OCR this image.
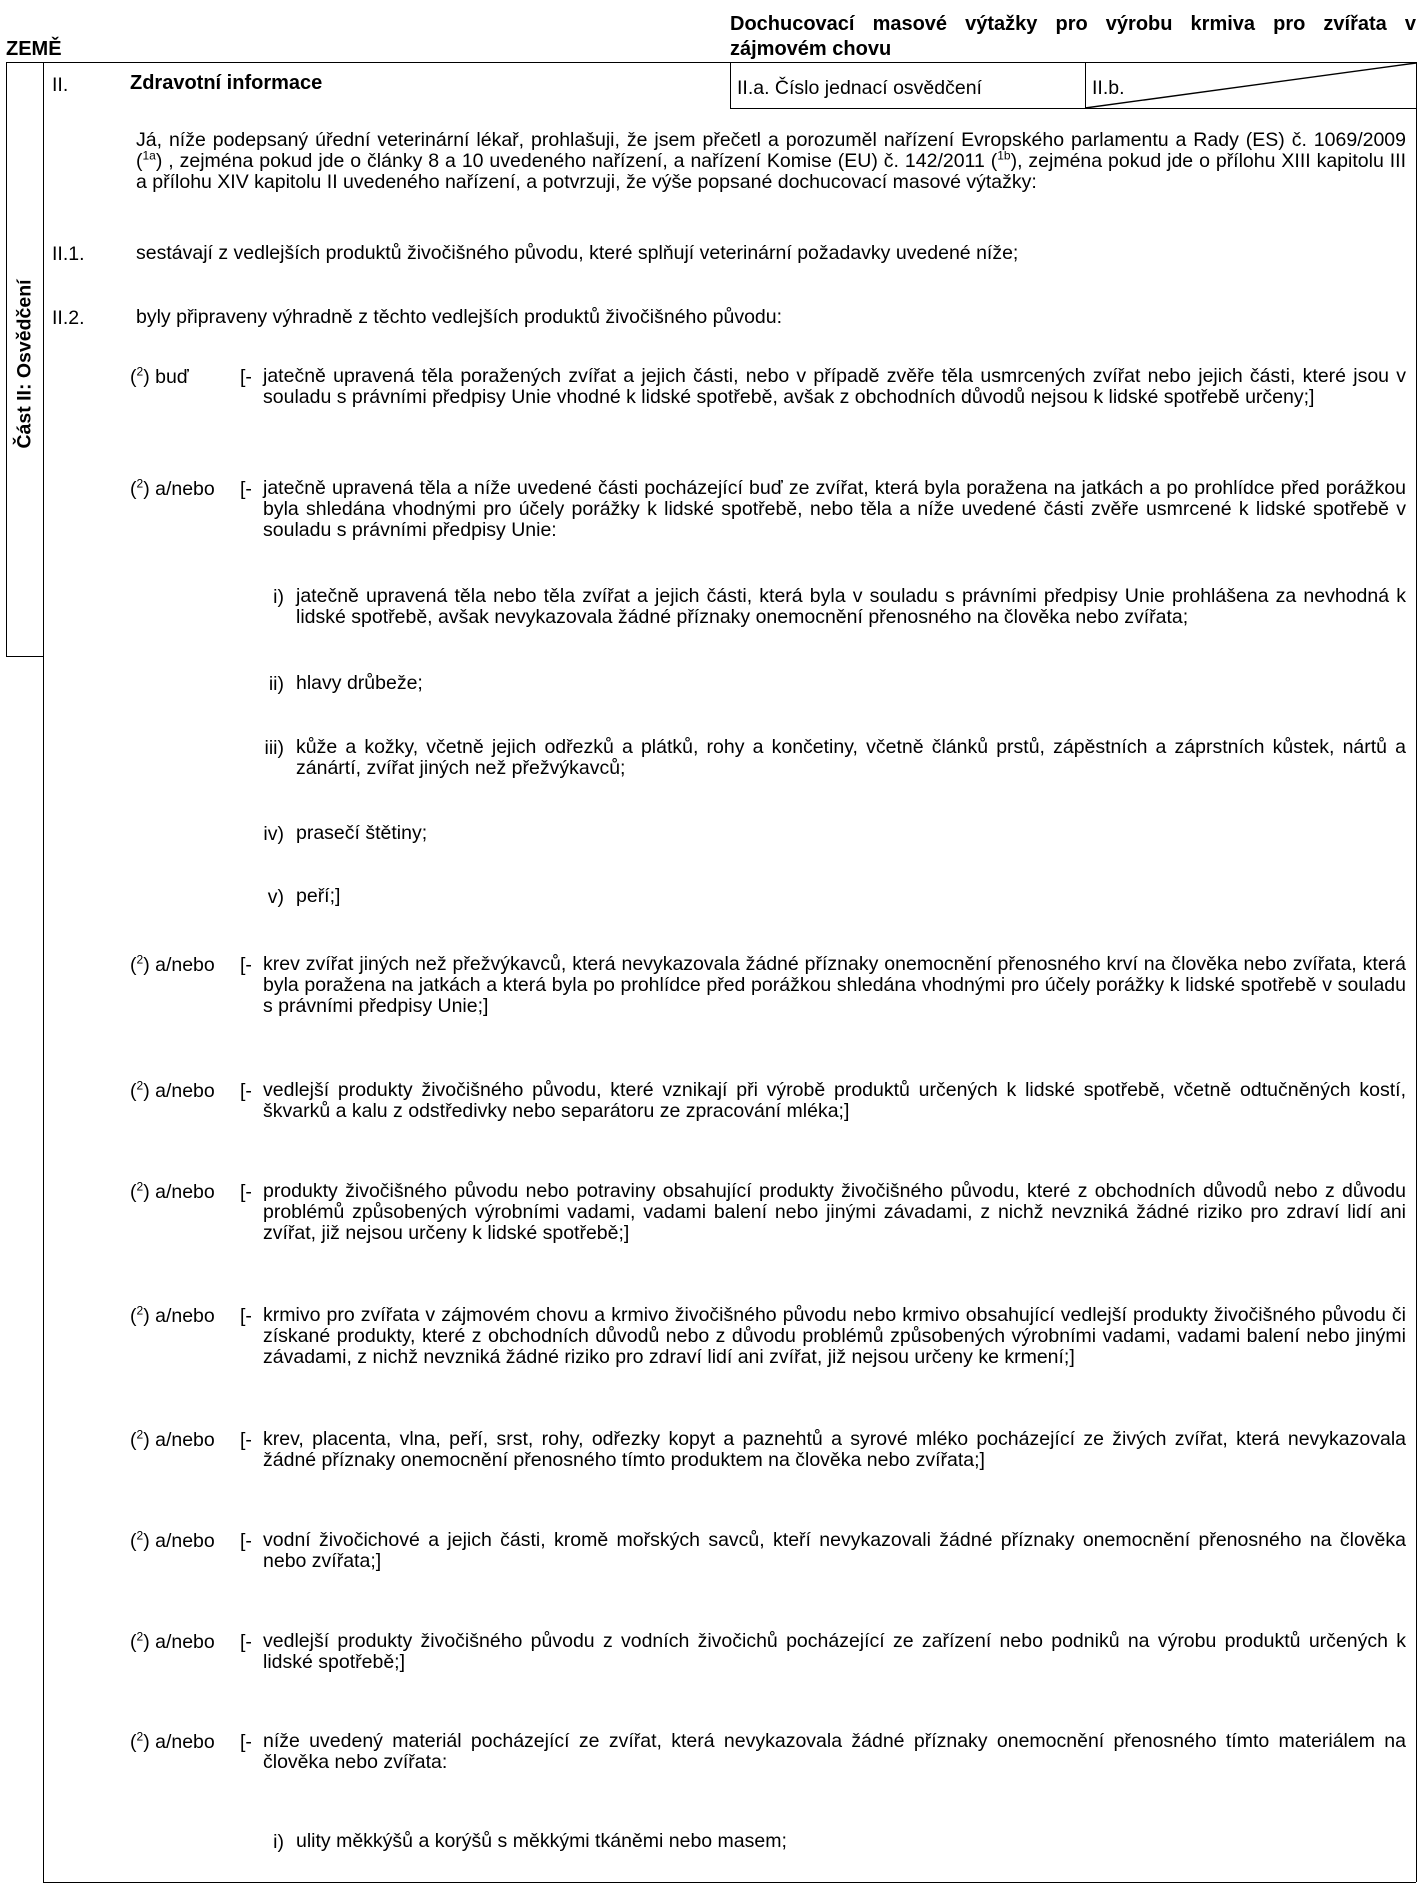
ZEMĚ
Dochucovací masové výtažky pro výrobu krmiva pro zvířata v zájmovém chovu
II.	Zdravotní informace	II.a. Číslo jednací osvědčení	II.b.
Část II: Osvědčení
Já, níže podepsaný úřední veterinární lékař, prohlašuji, že jsem přečetl a porozuměl nařízení Evropského parlamentu a Rady (ES) č. 1069/2009 ($^{1a}$) , zejména pokud jde o články 8 a 10 uvedeného nařízení, a nařízení Komise (EU) č. 142/2011 ($^{1b}$), zejména pokud jde o přílohu XIII kapitolu III a přílohu XIV kapitolu II uvedeného nařízení, a potvrzuji, že výše popsané dochucovací masové výtažky:
II.1.	sestávají z vedlejších produktů živočišného původu, které splňují veterinární požadavky uvedené níže;
II.2.	byly připraveny výhradně z těchto vedlejších produktů živočišného původu:
($^2$) buď	[- jatečně upravená těla poražených zvířat a jejich části, nebo v případě zvěře těla usmrcených zvířat nebo jejich části, které jsou v souladu s právními předpisy Unie vhodné k lidské spotřebě, avšak z obchodních důvodů nejsou k lidské spotřebě určeny;]
($^2$) a/nebo [- jatečně upravená těla a níže uvedené části pocházející buď ze zvířat, která byla poražena na jatkách a po prohlídce před porážkou byla shledána vhodnými pro účely porážky k lidské spotřebě, nebo těla a níže uvedené části zvěře usmrcené k lidské spotřebě v souladu s právními předpisy Unie:
i) jatečně upravená těla nebo těla zvířat a jejich části, která byla v souladu s právními předpisy Unie prohlášena za nevhodná k lidské spotřebě, avšak nevykazovala žádné příznaky onemocnění přenosného na člověka nebo zvířata;
ii) hlavy drůbeže;
iii) kůže a kožky, včetně jejich odřezků a plátků, rohy a končetiny, včetně článků prstů, zápěstních a záprstních kůstek, nártů a zánártí, zvířat jiných než přežvýkavců;
iv) prasečí štětiny;
v) peří;]
($^2$) a/nebo [- krev zvířat jiných než přežvýkavců, která nevykazovala žádné příznaky onemocnění přenosného krví na člověka nebo zvířata, která byla poražena na jatkách a která byla po prohlídce před porážkou shledána vhodnými pro účely porážky k lidské spotřebě v souladu s právními předpisy Unie;]
($^2$) a/nebo [- vedlejší produkty živočišného původu, které vznikají při výrobě produktů určených k lidské spotřebě, včetně odtučněných kostí, škvarků a kalu z odstředivky nebo separátoru ze zpracování mléka;]
($^2$) a/nebo [- produkty živočišného původu nebo potraviny obsahující produkty živočišného původu, které z obchodních důvodů nebo z důvodu problémů způsobených výrobními vadami, vadami balení nebo jinými závadami, z nichž nevzniká žádné riziko pro zdraví lidí ani zvířat, již nejsou určeny k lidské spotřebě;]
($^2$) a/nebo [- krmivo pro zvířata v zájmovém chovu a krmivo živočišného původu nebo krmivo obsahující vedlejší produkty živočišného původu či získané produkty, které z obchodních důvodů nebo z důvodu problémů způsobených výrobními vadami, vadami balení nebo jinými závadami, z nichž nevzniká žádné riziko pro zdraví lidí ani zvířat, již nejsou určeny ke krmení;]
($^2$) a/nebo [- krev, placenta, vlna, peří, srst, rohy, odřezky kopyt a paznehtů a syrové mléko pocházející ze živých zvířat, která nevykazovala žádné příznaky onemocnění přenosného tímto produktem na člověka nebo zvířata;]
($^2$) a/nebo [- vodní živočichové a jejich části, kromě mořských savců, kteří nevykazovali žádné příznaky onemocnění přenosného na člověka nebo zvířata;]
($^2$) a/nebo [- vedlejší produkty živočišného původu z vodních živočichů pocházející ze zařízení nebo podniků na výrobu produktů určených k lidské spotřebě;]
($^2$) a/nebo [- níže uvedený materiál pocházející ze zvířat, která nevykazovala žádné příznaky onemocnění přenosného tímto materiálem na člověka nebo zvířata:
i) ulity měkkýšů a korýšů s měkkými tkáněmi nebo masem;
